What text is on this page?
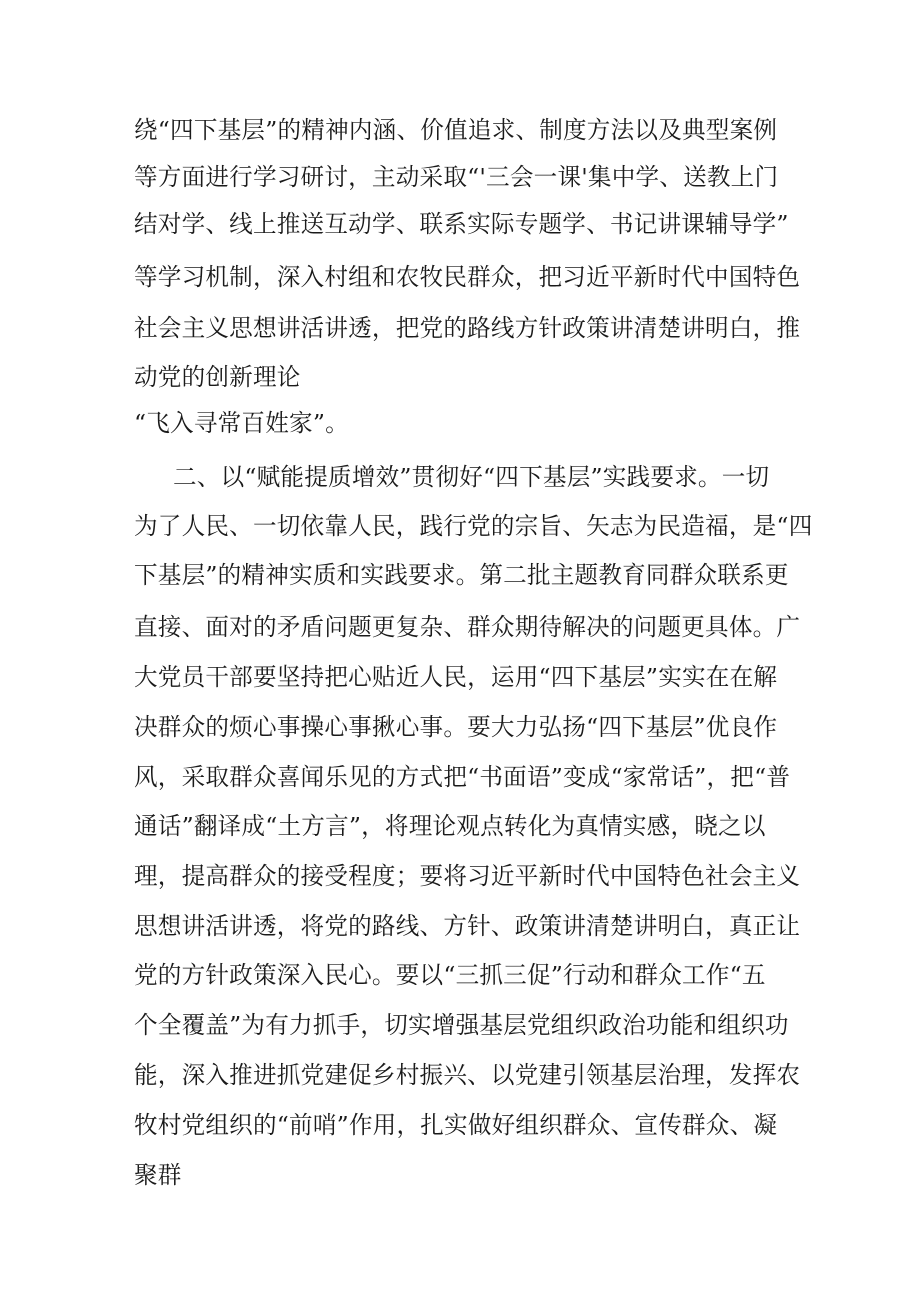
绕“四下基层”的精神内涵、价值追求、制度方法以及典型案例
等方面进行学习研讨，主动采取“'三会一课'集中学、送教上门
结对学、线上推送互动学、联系实际专题学、书记讲课辅导学”
等学习机制，深入村组和农牧民群众，把习近平新时代中国特色
社会主义思想讲活讲透，把党的路线方针政策讲清楚讲明白，推
动党的创新理论
“飞入寻常百姓家”。
二、以“赋能提质增效”贯彻好“四下基层”实践要求。一切
为了人民、一切依靠人民，践行党的宗旨、矢志为民造福，是“四
下基层”的精神实质和实践要求。第二批主题教育同群众联系更
直接、面对的矛盾问题更复杂、群众期待解决的问题更具体。广
大党员干部要坚持把心贴近人民，运用“四下基层”实实在在解
决群众的烦心事操心事揪心事。要大力弘扬“四下基层”优良作
风，采取群众喜闻乐见的方式把“书面语”变成“家常话”，把“普
通话”翻译成“土方言”，将理论观点转化为真情实感，晓之以
理，提高群众的接受程度；要将习近平新时代中国特色社会主义
思想讲活讲透，将党的路线、方针、政策讲清楚讲明白，真正让
党的方针政策深入民心。要以“三抓三促”行动和群众工作“五
个全覆盖”为有力抓手，切实增强基层党组织政治功能和组织功
能，深入推进抓党建促乡村振兴、以党建引领基层治理，发挥农
牧村党组织的“前哨”作用，扎实做好组织群众、宣传群众、凝
聚群
